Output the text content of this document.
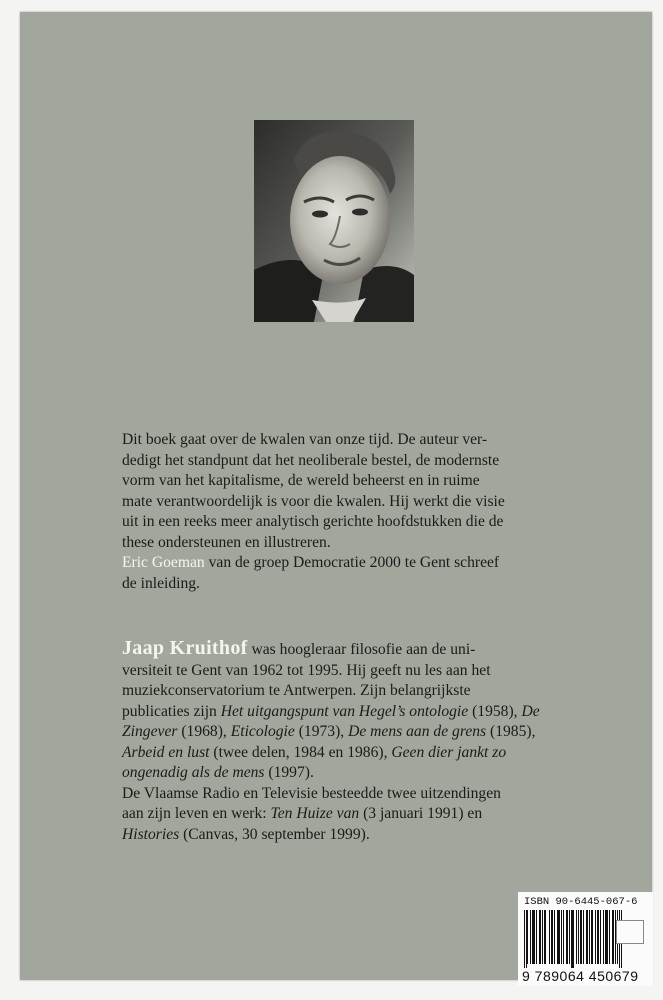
Dit boek gaat over de kwalen van onze tijd. De auteur ver-
dedigt het standpunt dat het neoliberale bestel, de modernste
vorm van het kapitalisme, de wereld beheerst en in ruime
mate verantwoordelijk is voor die kwalen. Hij werkt die visie
uit in een reeks meer analytisch gerichte hoofdstukken die de
these ondersteunen en illustreren.
Eric Goeman van de groep Democratie 2000 te Gent schreef
de inleiding.
Jaap Kruithof was hoogleraar filosofie aan de uni-
versiteit te Gent van 1962 tot 1995. Hij geeft nu les aan het
muziekconservatorium te Antwerpen. Zijn belangrijkste
publicaties zijn Het uitgangspunt van Hegel’s ontologie (1958), De
Zingever (1968), Eticologie (1973), De mens aan de grens (1985),
Arbeid en lust (twee delen, 1984 en 1986), Geen dier jankt zo
ongenadig als de mens (1997).
De Vlaamse Radio en Televisie besteedde twee uitzendingen
aan zijn leven en werk: Ten Huize van (3 januari 1991) en
Histories (Canvas, 30 september 1999).
ISBN 90-6445-067-6
9 789064 450679
